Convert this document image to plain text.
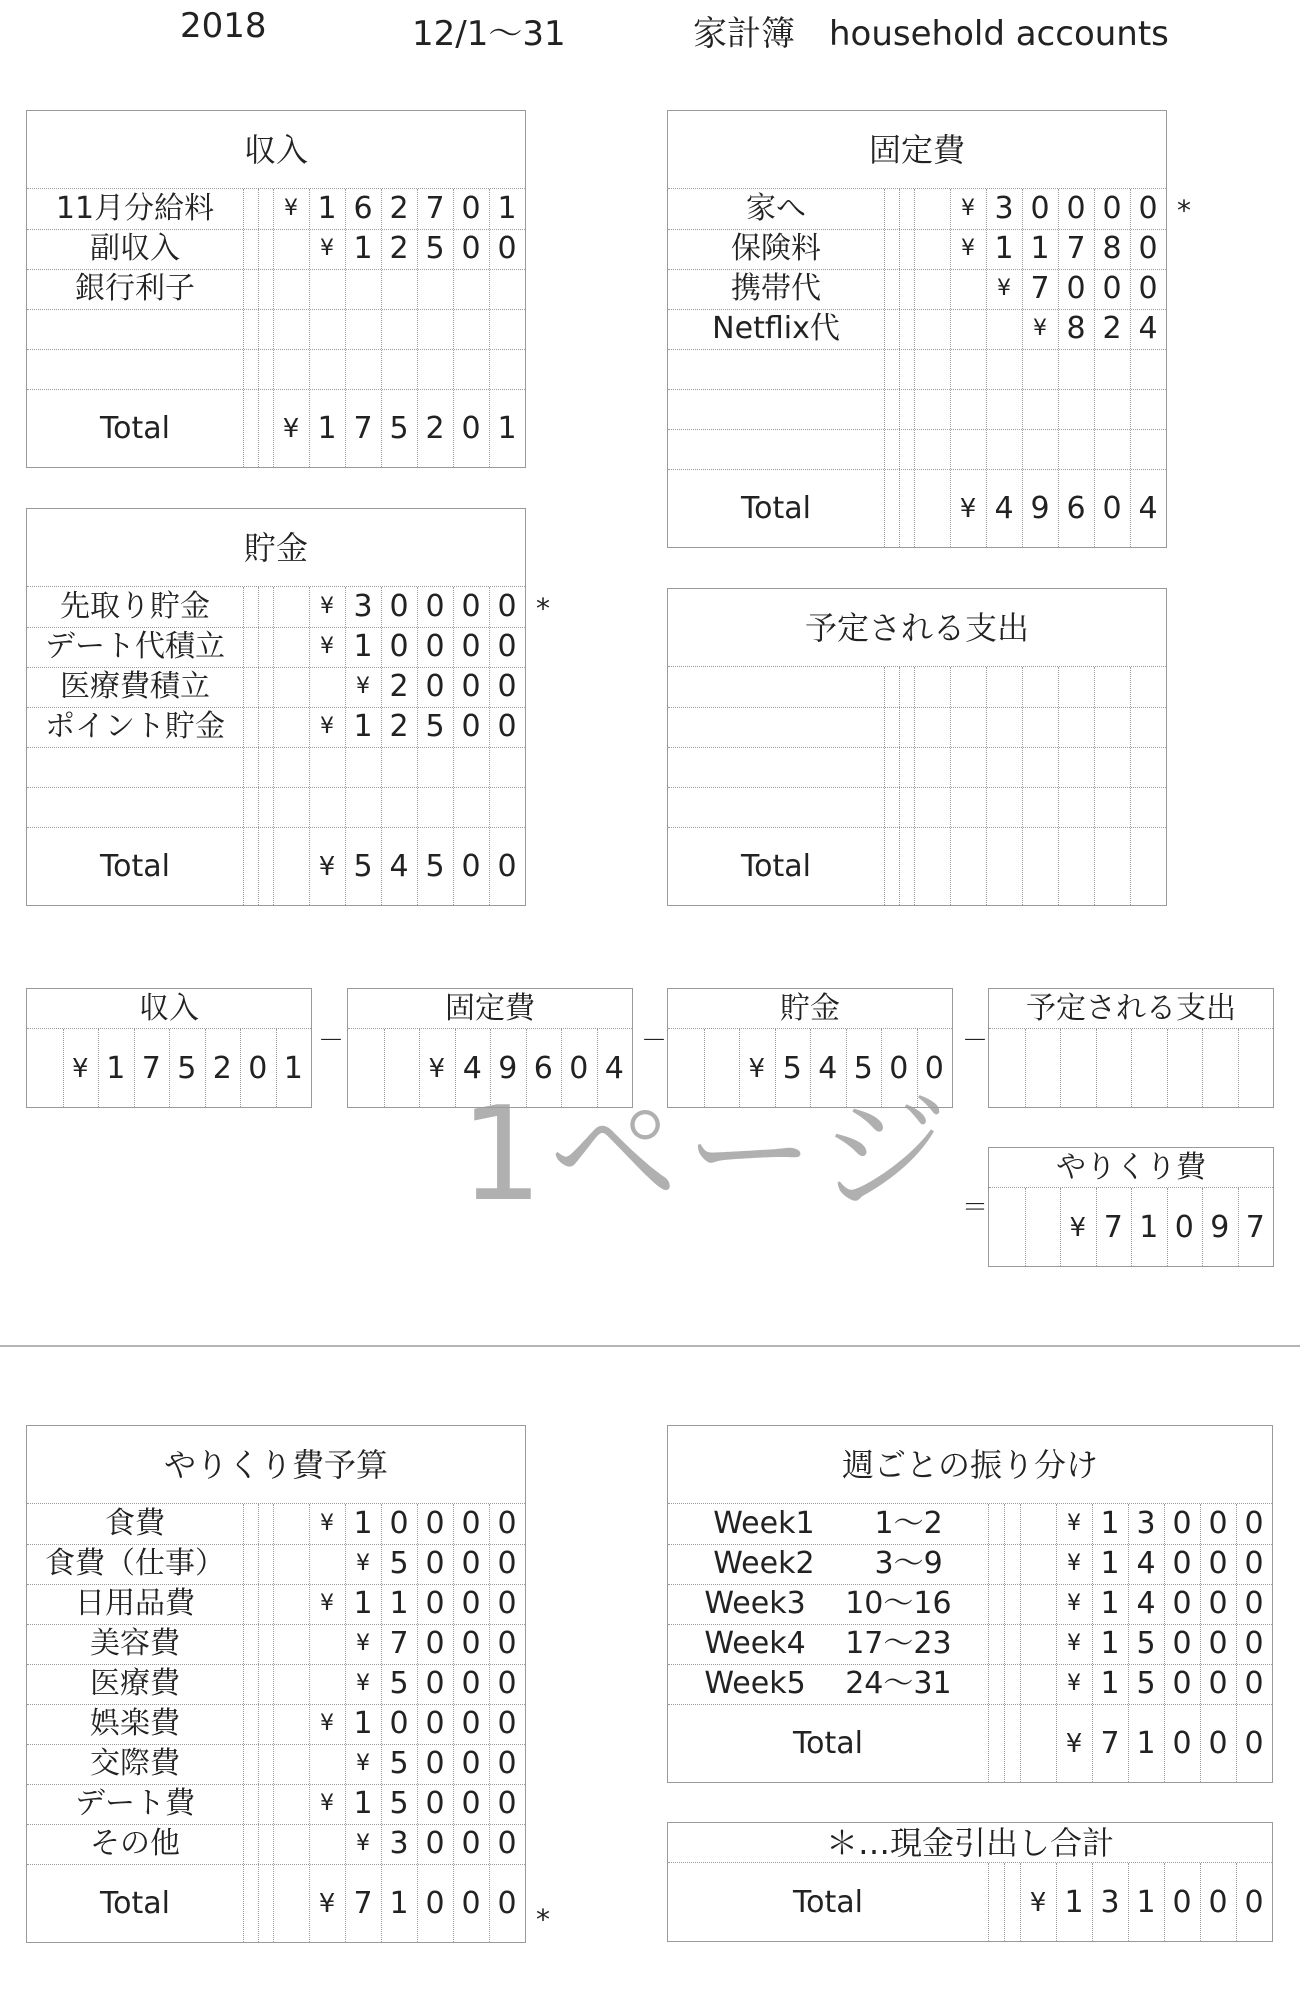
2018	12/1～31	家計簿　household accounts
収入
11月分給料	¥ 1 6 2 7 0 1
副収入	¥ 1 2 5 0 0
銀行利子
Total	¥ 1 7 5 2 0 1
*
固定費
家へ	¥ 3 0 0 0 0
保険料	¥ 1 1 7 8 0
携帯代	¥ 7 0 0 0
Netflix代	¥ 8 2 4
Total	¥ 4 9 6 0 4
*
貯金
先取り貯金	¥ 3 0 0 0 0
デート代積立	¥ 1 0 0 0 0
医療費積立	¥ 2 0 0 0
ポイント貯金	¥ 1 2 5 0 0
Total	¥ 5 4 5 0 0
予定される支出
Total
*
やりくり費予算
食費	¥ 1 0 0 0 0
食費（仕事）	¥ 5 0 0 0
日用品費	¥ 1 1 0 0 0
美容費	¥ 7 0 0 0
医療費	¥ 5 0 0 0
娯楽費	¥ 1 0 0 0 0
交際費	¥ 5 0 0 0
デート費	¥ 1 5 0 0 0
その他	¥ 3 0 0 0
Total	¥ 7 1 0 0 0
週ごとの振り分け
Week1　　1～2	¥ 1 3 0 0 0
Week2　　3～9	¥ 1 4 0 0 0
Week3　 10～16	¥ 1 4 0 0 0
Week4　 17～23	¥ 1 5 0 0 0
Week5　 24～31	¥ 1 5 0 0 0
Total	¥ 7 1 0 0 0
＊…現金引出し合計
Total	¥ 1 3 1 0 0 0
収入
¥ 1 7 5 2 0 1
固定費
¥ 4 9 6 0 4
貯金
¥ 5 4 5 0 0
予定される支出
やりくり費
¥ 7 1 0 9 7
－	－	－
＝
1ページ
